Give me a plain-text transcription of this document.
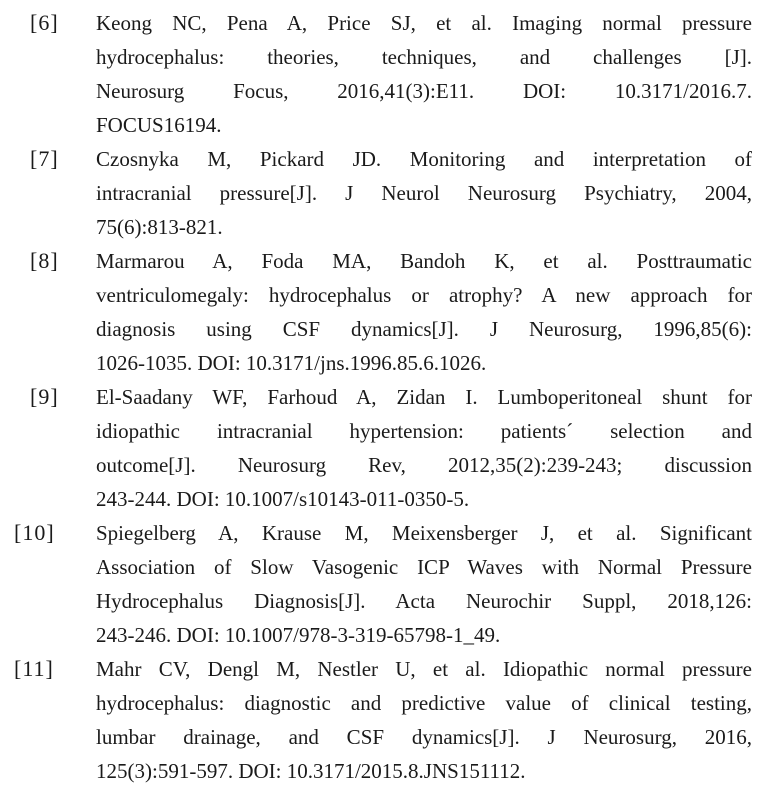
[6] Keong NC, Pena A, Price SJ, et al. Imaging normal pressure
hydrocephalus: theories, techniques, and challenges [J].
Neurosurg Focus, 2016,41(3):E11. DOI: 10.3171/2016.7.
FOCUS16194.
[7] Czosnyka M, Pickard JD. Monitoring and interpretation of
intracranial pressure[J]. J Neurol Neurosurg Psychiatry, 2004,
75(6):813-821.
[8] Marmarou A, Foda MA, Bandoh K, et al. Posttraumatic
ventriculomegaly: hydrocephalus or atrophy? A new approach for
diagnosis using CSF dynamics[J]. J Neurosurg, 1996,85(6):
1026-1035. DOI: 10.3171/jns.1996.85.6.1026.
[9] El-Saadany WF, Farhoud A, Zidan I. Lumboperitoneal shunt for
idiopathic intracranial hypertension: patients´ selection and
outcome[J]. Neurosurg Rev, 2012,35(2):239-243; discussion
243-244. DOI: 10.1007/s10143-011-0350-5.
[10] Spiegelberg A, Krause M, Meixensberger J, et al. Significant
Association of Slow Vasogenic ICP Waves with Normal Pressure
Hydrocephalus Diagnosis[J]. Acta Neurochir Suppl, 2018,126:
243-246. DOI: 10.1007/978-3-319-65798-1_49.
[11] Mahr CV, Dengl M, Nestler U, et al. Idiopathic normal pressure
hydrocephalus: diagnostic and predictive value of clinical testing,
lumbar drainage, and CSF dynamics[J]. J Neurosurg, 2016,
125(3):591-597. DOI: 10.3171/2015.8.JNS151112.
